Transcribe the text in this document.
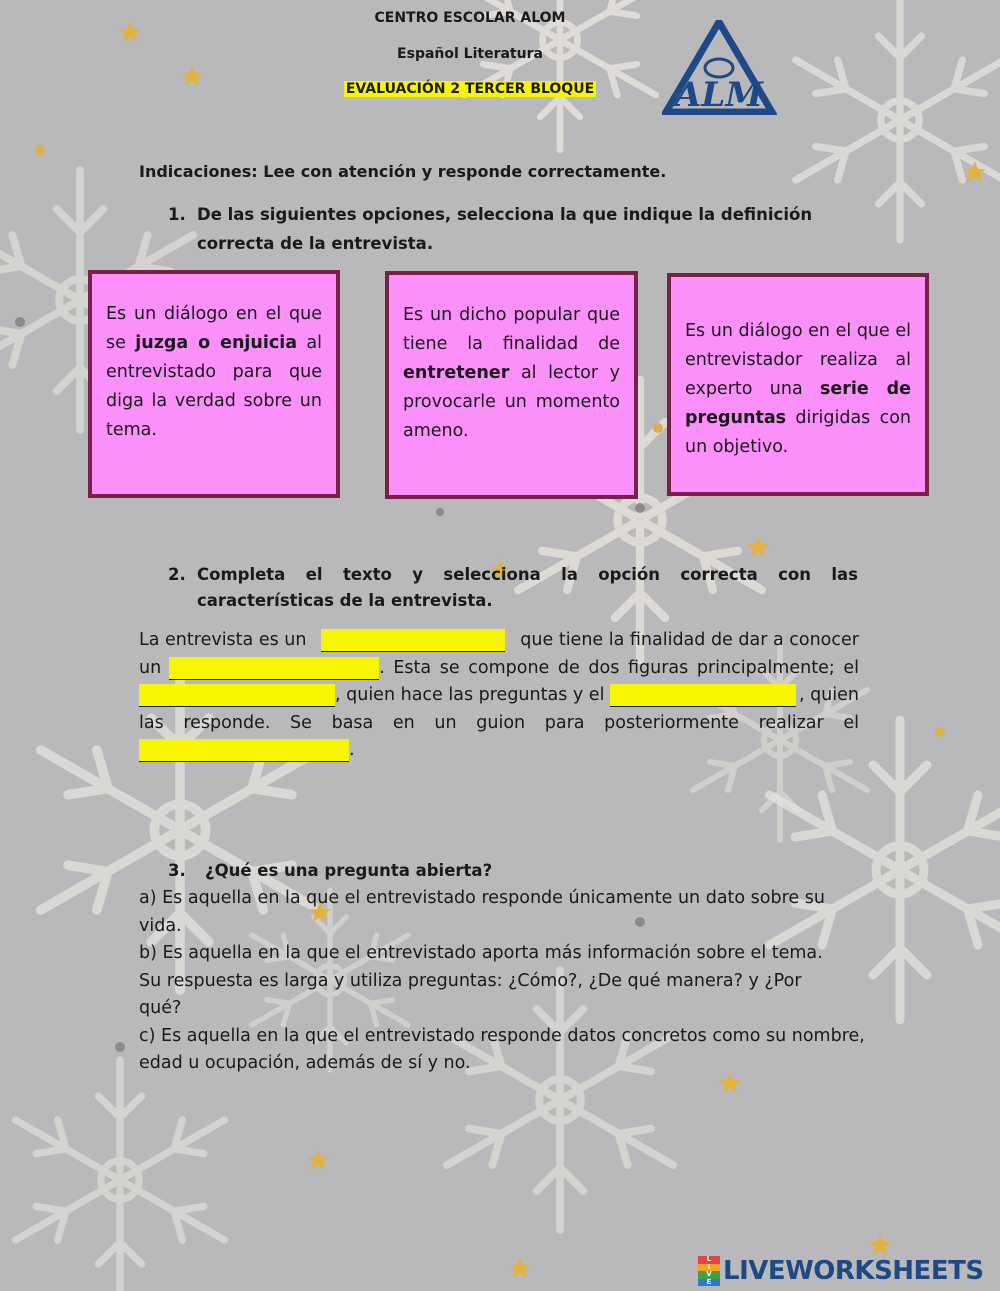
CENTRO ESCOLAR ALOM
Español Literatura
EVALUACIÓN 2 TERCER BLOQUE	ALM
Indicaciones: Lee con atención y responde correctamente.
1. De las siguientes opciones, selecciona la que indique la definición
correcta de la entrevista.
Es un diálogo en el que se juzga o enjuicia al entrevistado para que diga la verdad sobre un tema.
Es un dicho popular que tiene la finalidad de entretener al lector y provocarle un momento ameno.
Es un diálogo en el que el entrevistador realiza al experto una serie de preguntas dirigidas con un objetivo.
2. Completa el texto y selecciona la opción correcta con las
características de la entrevista.
La entrevista es un	que tiene la finalidad de dar a conocer
un	. Esta se compone de dos figuras principalmente; el
, quien hace las preguntas y el	, quien
las responde. Se basa en un guion para posteriormente realizar el
.
3. ¿Qué es una pregunta abierta?
a) Es aquella en la que el entrevistado responde únicamente un dato sobre su
vida.
b) Es aquella en la que el entrevistado aporta más información sobre el tema.
Su respuesta es larga y utiliza preguntas: ¿Cómo?, ¿De qué manera? y ¿Por
qué?
c) Es aquella en la que el entrevistado responde datos concretos como su nombre,
edad u ocupación, además de sí y no.
L
I
V
E LIVEWORKSHEETS
